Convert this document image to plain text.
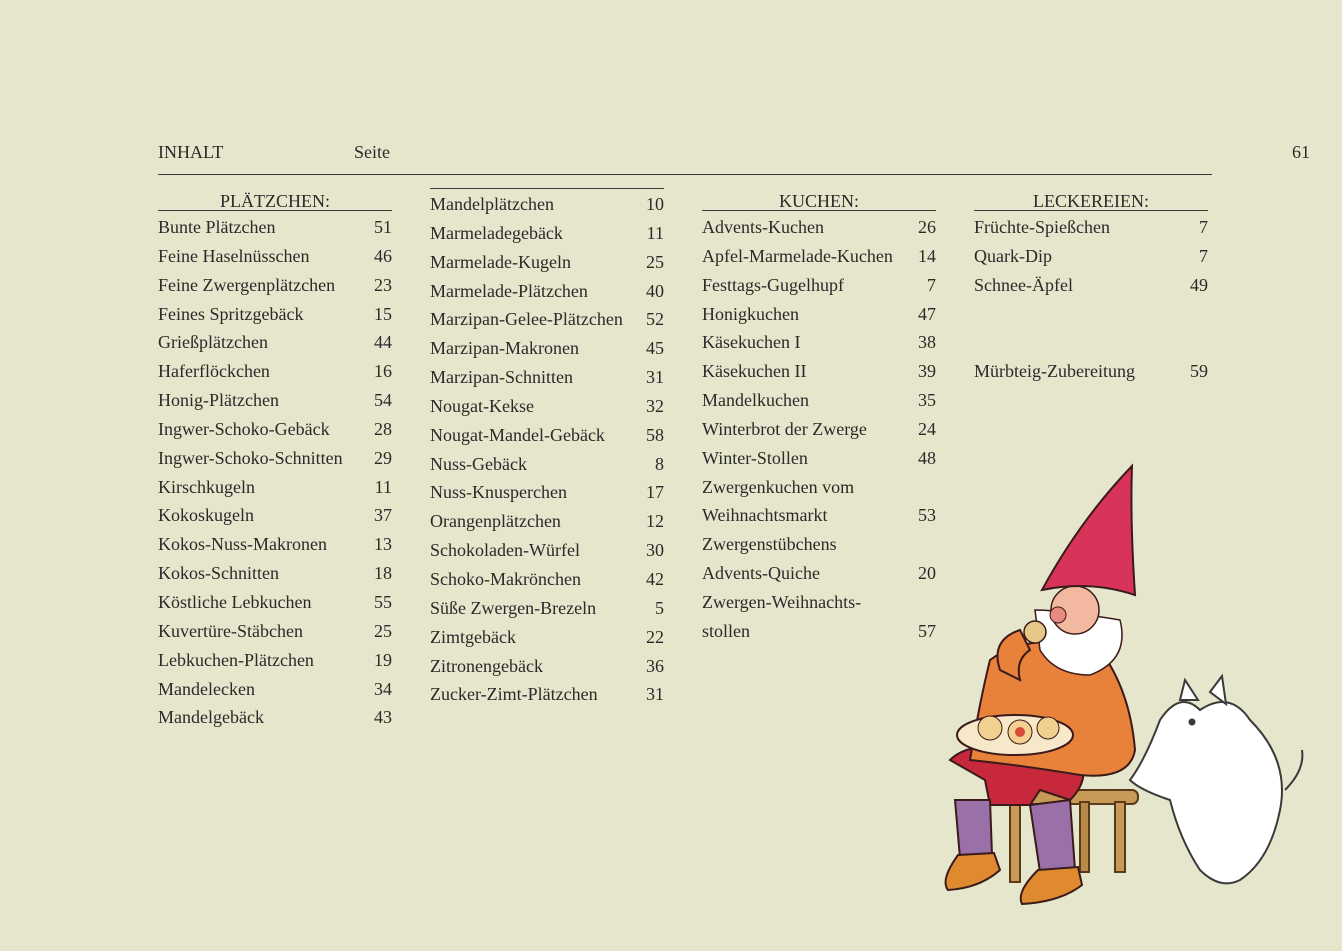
INHALT	Seite	61
PLÄTZCHEN:
Bunte Plätzchen	51
Feine Haselnüsschen	46
Feine Zwergenplätzchen	23
Feines Spritzgebäck	15
Grießplätzchen	44
Haferflöckchen	16
Honig-Plätzchen	54
Ingwer-Schoko-Gebäck	28
Ingwer-Schoko-Schnitten	29
Kirschkugeln	11
Kokoskugeln	37
Kokos-Nuss-Makronen	13
Kokos-Schnitten	18
Köstliche Lebkuchen	55
Kuvertüre-Stäbchen	25
Lebkuchen-Plätzchen	19
Mandelecken	34
Mandelgebäck	43
Mandelplätzchen	10
Marmeladegebäck	11
Marmelade-Kugeln	25
Marmelade-Plätzchen	40
Marzipan-Gelee-Plätzchen	52
Marzipan-Makronen	45
Marzipan-Schnitten	31
Nougat-Kekse	32
Nougat-Mandel-Gebäck	58
Nuss-Gebäck	8
Nuss-Knusperchen	17
Orangenplätzchen	12
Schokoladen-Würfel	30
Schoko-Makrönchen	42
Süße Zwergen-Brezeln	5
Zimtgebäck	22
Zitronengebäck	36
Zucker-Zimt-Plätzchen	31
KUCHEN:
Advents-Kuchen	26
Apfel-Marmelade-Kuchen	14
Festtags-Gugelhupf	7
Honigkuchen	47
Käsekuchen I	38
Käsekuchen II	39
Mandelkuchen	35
Winterbrot der Zwerge	24
Winter-Stollen	48
Zwergenkuchen vom
Weihnachtsmarkt	53
Zwergenstübchens
Advents-Quiche	20
Zwergen-Weihnachts-
stollen	57
LECKEREIEN:
Früchte-Spießchen	7
Quark-Dip	7
Schnee-Äpfel	49
Mürbteig-Zubereitung	59
